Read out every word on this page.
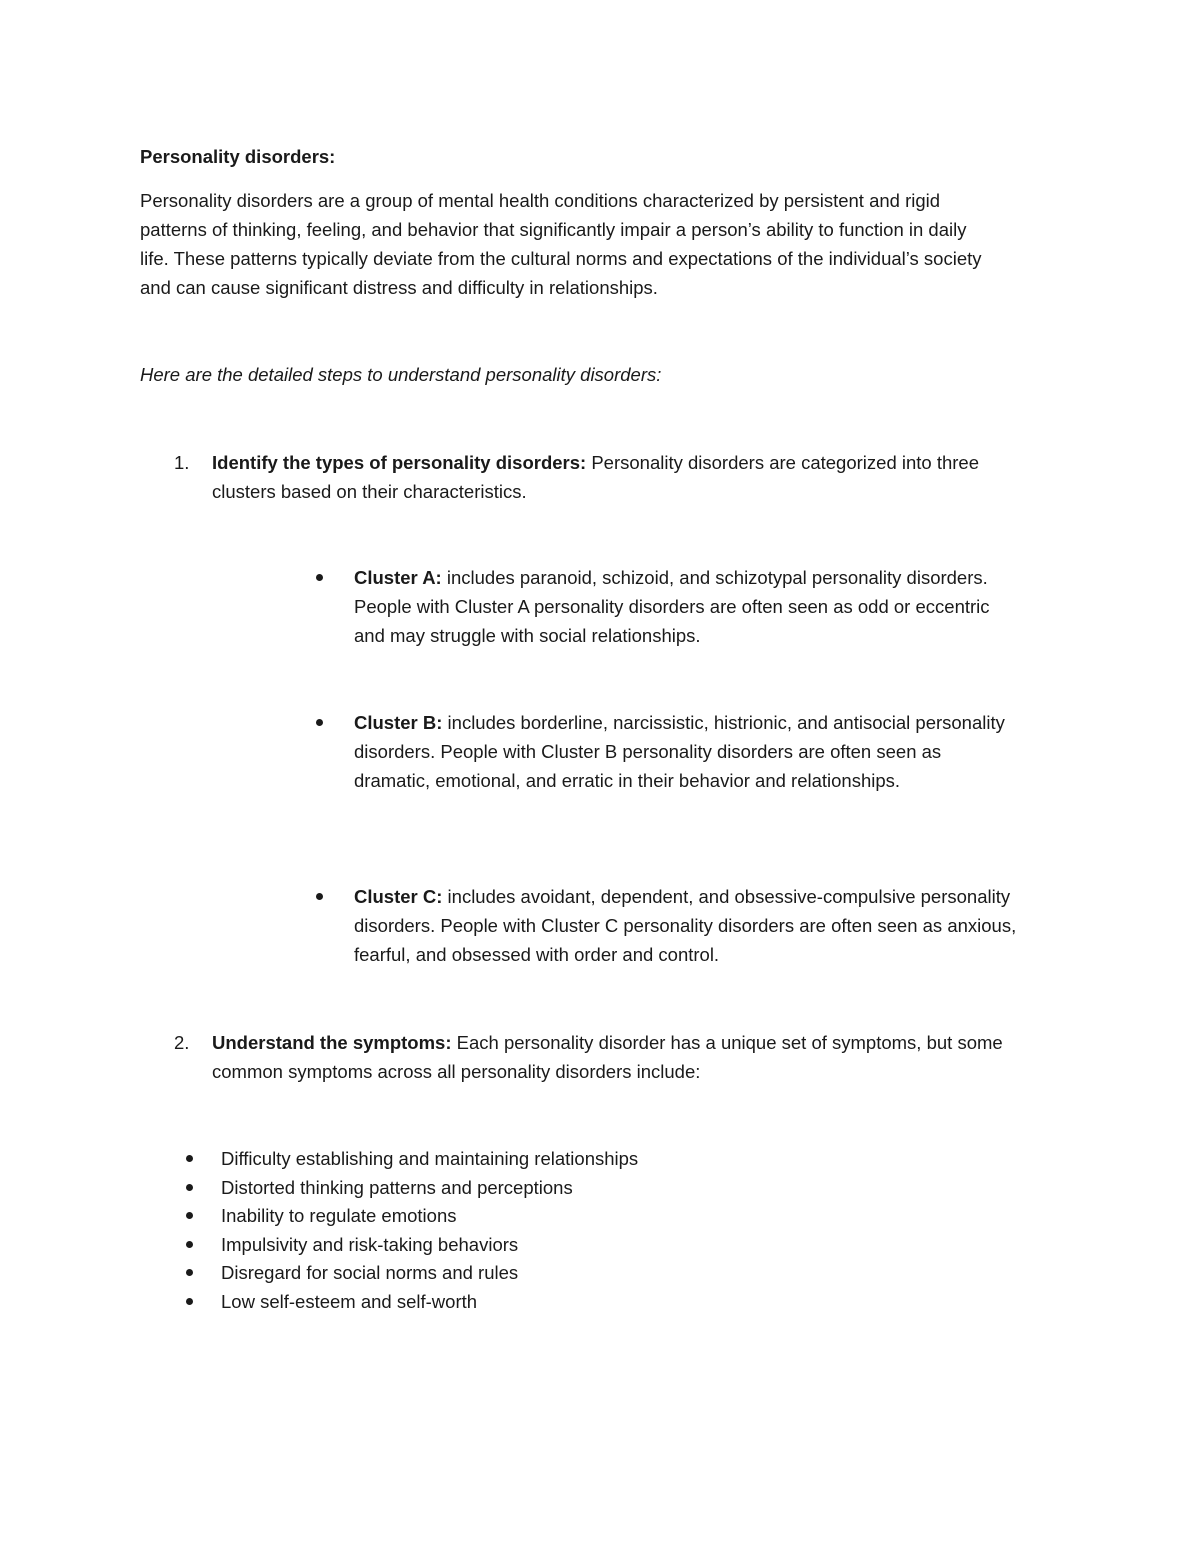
Personality disorders:
Personality disorders are a group of mental health conditions characterized by persistent and rigid
patterns of thinking, feeling, and behavior that significantly impair a person’s ability to function in daily
life. These patterns typically deviate from the cultural norms and expectations of the individual’s society
and can cause significant distress and difficulty in relationships.
Here are the detailed steps to understand personality disorders:
1. Identify the types of personality disorders: Personality disorders are categorized into three
clusters based on their characteristics.
Cluster A: includes paranoid, schizoid, and schizotypal personality disorders.
People with Cluster A personality disorders are often seen as odd or eccentric
and may struggle with social relationships.
Cluster B: includes borderline, narcissistic, histrionic, and antisocial personality
disorders. People with Cluster B personality disorders are often seen as
dramatic, emotional, and erratic in their behavior and relationships.
Cluster C: includes avoidant, dependent, and obsessive-compulsive personality
disorders. People with Cluster C personality disorders are often seen as anxious,
fearful, and obsessed with order and control.
2. Understand the symptoms: Each personality disorder has a unique set of symptoms, but some
common symptoms across all personality disorders include:
Difficulty establishing and maintaining relationships
Distorted thinking patterns and perceptions
Inability to regulate emotions
Impulsivity and risk-taking behaviors
Disregard for social norms and rules
Low self-esteem and self-worth
